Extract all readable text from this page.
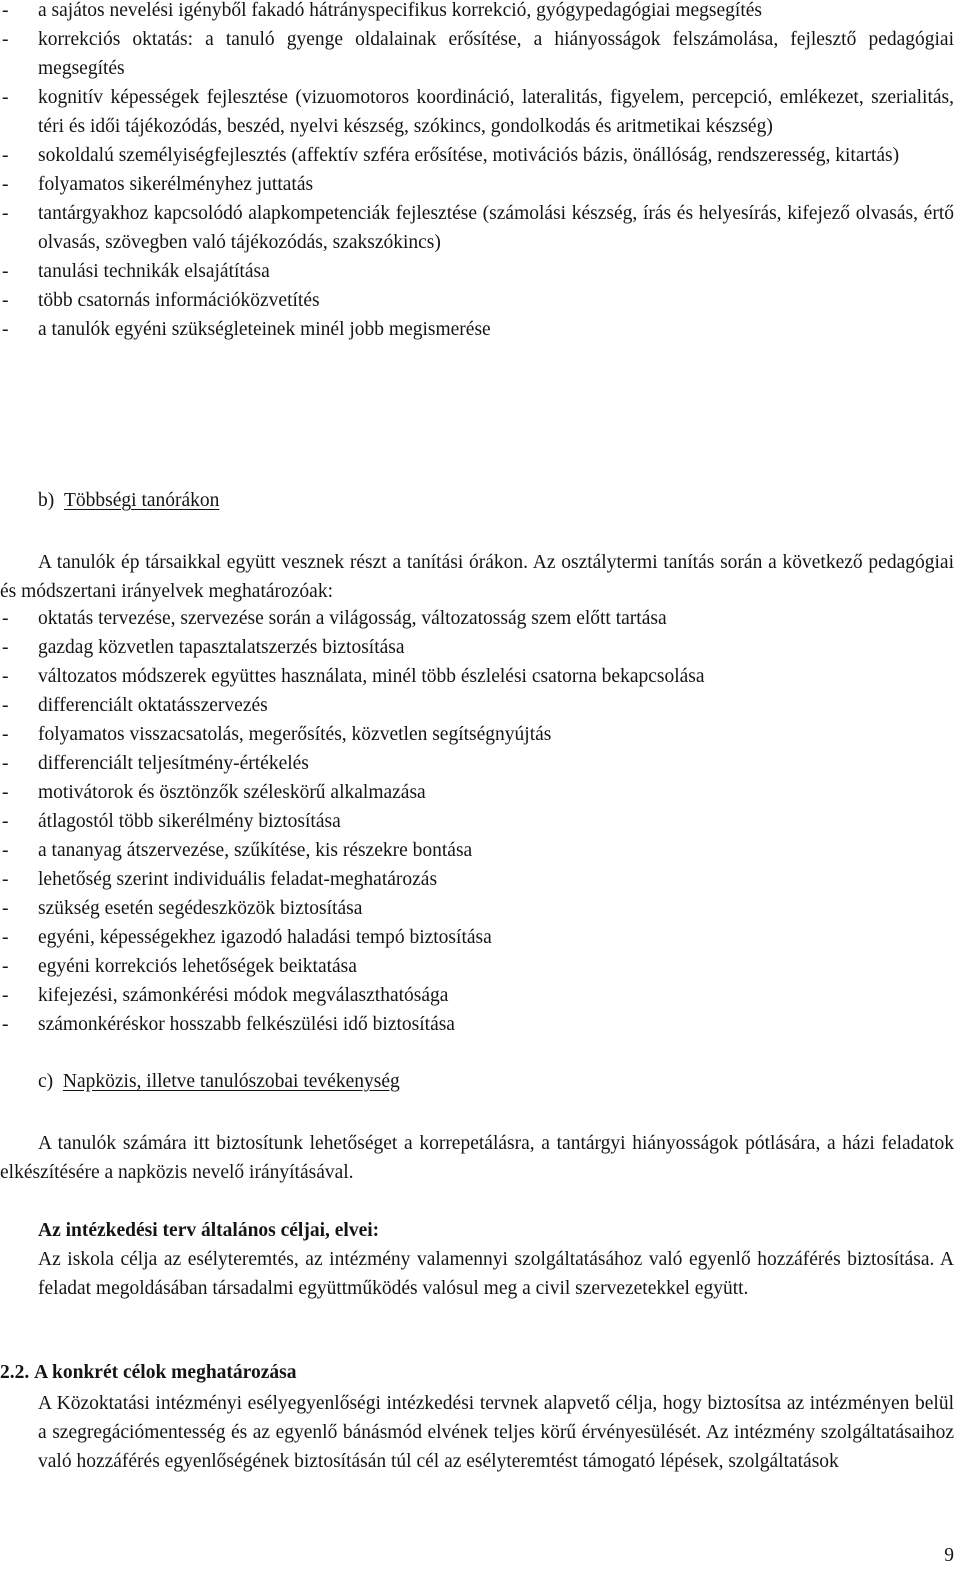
- a sajátos nevelési igényből fakadó hátrányspecifikus korrekció, gyógypedagógiai megsegítés
- korrekciós oktatás: a tanuló gyenge oldalainak erősítése, a hiányosságok felszámolása, fejlesztő pedagógiai megsegítés
- kognitív képességek fejlesztése (vizuomotoros koordináció, lateralitás, figyelem, percepció, emlékezet, szerialitás, téri és idői tájékozódás, beszéd, nyelvi készség, szókincs, gondolkodás és aritmetikai készség)
- sokoldalú személyiségfejlesztés (affektív szféra erősítése, motivációs bázis, önállóság, rendszeresség, kitartás)
- folyamatos sikerélményhez juttatás
- tantárgyakhoz kapcsolódó alapkompetenciák fejlesztése (számolási készség, írás és helyesírás, kifejező olvasás, értő olvasás, szövegben való tájékozódás, szakszókincs)
- tanulási technikák elsajátítása
- több csatornás információközvetítés
- a tanulók egyéni szükségleteinek minél jobb megismerése
b) Többségi tanórákon
A tanulók ép társaikkal együtt vesznek részt a tanítási órákon. Az osztálytermi tanítás során a következő pedagógiai és módszertani irányelvek meghatározóak:
- oktatás tervezése, szervezése során a világosság, változatosság szem előtt tartása
- gazdag közvetlen tapasztalatszerzés biztosítása
- változatos módszerek együttes használata, minél több észlelési csatorna bekapcsolása
- differenciált oktatásszervezés
- folyamatos visszacsatolás, megerősítés, közvetlen segítségnyújtás
- differenciált teljesítmény-értékelés
- motivátorok és ösztönzők széleskörű alkalmazása
- átlagostól több sikerélmény biztosítása
- a tananyag átszervezése, szűkítése, kis részekre bontása
- lehetőség szerint individuális feladat-meghatározás
- szükség esetén segédeszközök biztosítása
- egyéni, képességekhez igazodó haladási tempó biztosítása
- egyéni korrekciós lehetőségek beiktatása
- kifejezési, számonkérési módok megválaszthatósága
- számonkéréskor hosszabb felkészülési idő biztosítása
c) Napközis, illetve tanulószobai tevékenység
A tanulók számára itt biztosítunk lehetőséget a korrepetálásra, a tantárgyi hiányosságok pótlására, a házi feladatok elkészítésére a napközis nevelő irányításával.
Az intézkedési terv általános céljai, elvei:
Az iskola célja az esélyteremtés, az intézmény valamennyi szolgáltatásához való egyenlő hozzáférés biztosítása. A feladat megoldásában társadalmi együttműködés valósul meg a civil szervezetekkel együtt.
2.2. A konkrét célok meghatározása
A Közoktatási intézményi esélyegyenlőségi intézkedési tervnek alapvető célja, hogy biztosítsa az intézményen belül a szegregációmentesség és az egyenlő bánásmód elvének teljes körű érvényesülését. Az intézmény szolgáltatásaihoz való hozzáférés egyenlőségének biztosításán túl cél az esélyteremtést támogató lépések, szolgáltatások
9
